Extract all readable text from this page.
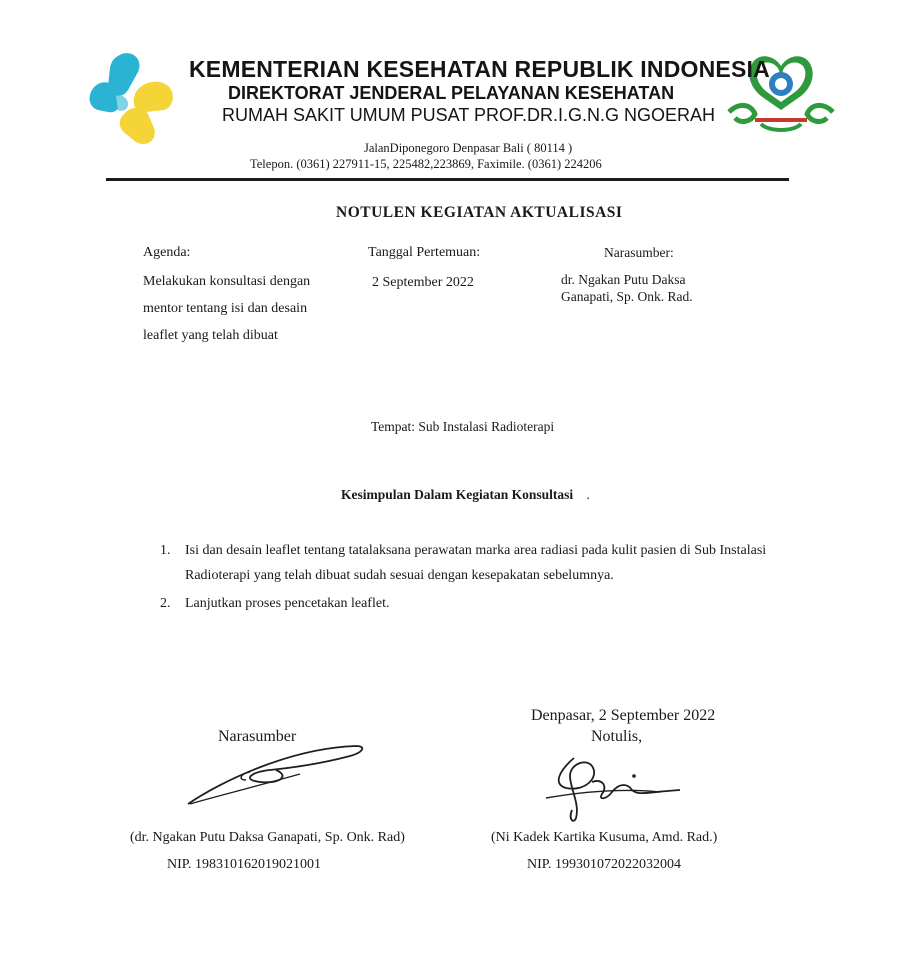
KEMENTERIAN KESEHATAN REPUBLIK INDONESIA
DIREKTORAT JENDERAL PELAYANAN KESEHATAN
RUMAH SAKIT UMUM PUSAT PROF.DR.I.G.N.G NGOERAH
JalanDiponegoro Denpasar Bali ( 80114 )
Telepon. (0361) 227911-15, 225482,223869, Faximile. (0361) 224206
NOTULEN KEGIATAN AKTUALISASI
Agenda:
Melakukan konsultasi dengan
mentor tentang isi dan desain
leaflet yang telah dibuat
Tanggal Pertemuan:
2 September 2022
Narasumber:
dr. Ngakan Putu Daksa
Ganapati, Sp. Onk. Rad.
Tempat: Sub Instalasi Radioterapi
Kesimpulan Dalam Kegiatan Konsultasi .
1. Isi dan desain leaflet tentang tatalaksana perawatan marka area radiasi pada kulit pasien di Sub Instalasi
Radioterapi yang telah dibuat sudah sesuai dengan kesepakatan sebelumnya.
2. Lanjutkan proses pencetakan leaflet.
Denpasar, 2 September 2022
Notulis,
Narasumber
(dr. Ngakan Putu Daksa Ganapati, Sp. Onk. Rad)	(Ni Kadek Kartika Kusuma, Amd. Rad.)
NIP. 198310162019021001	NIP. 199301072022032004
